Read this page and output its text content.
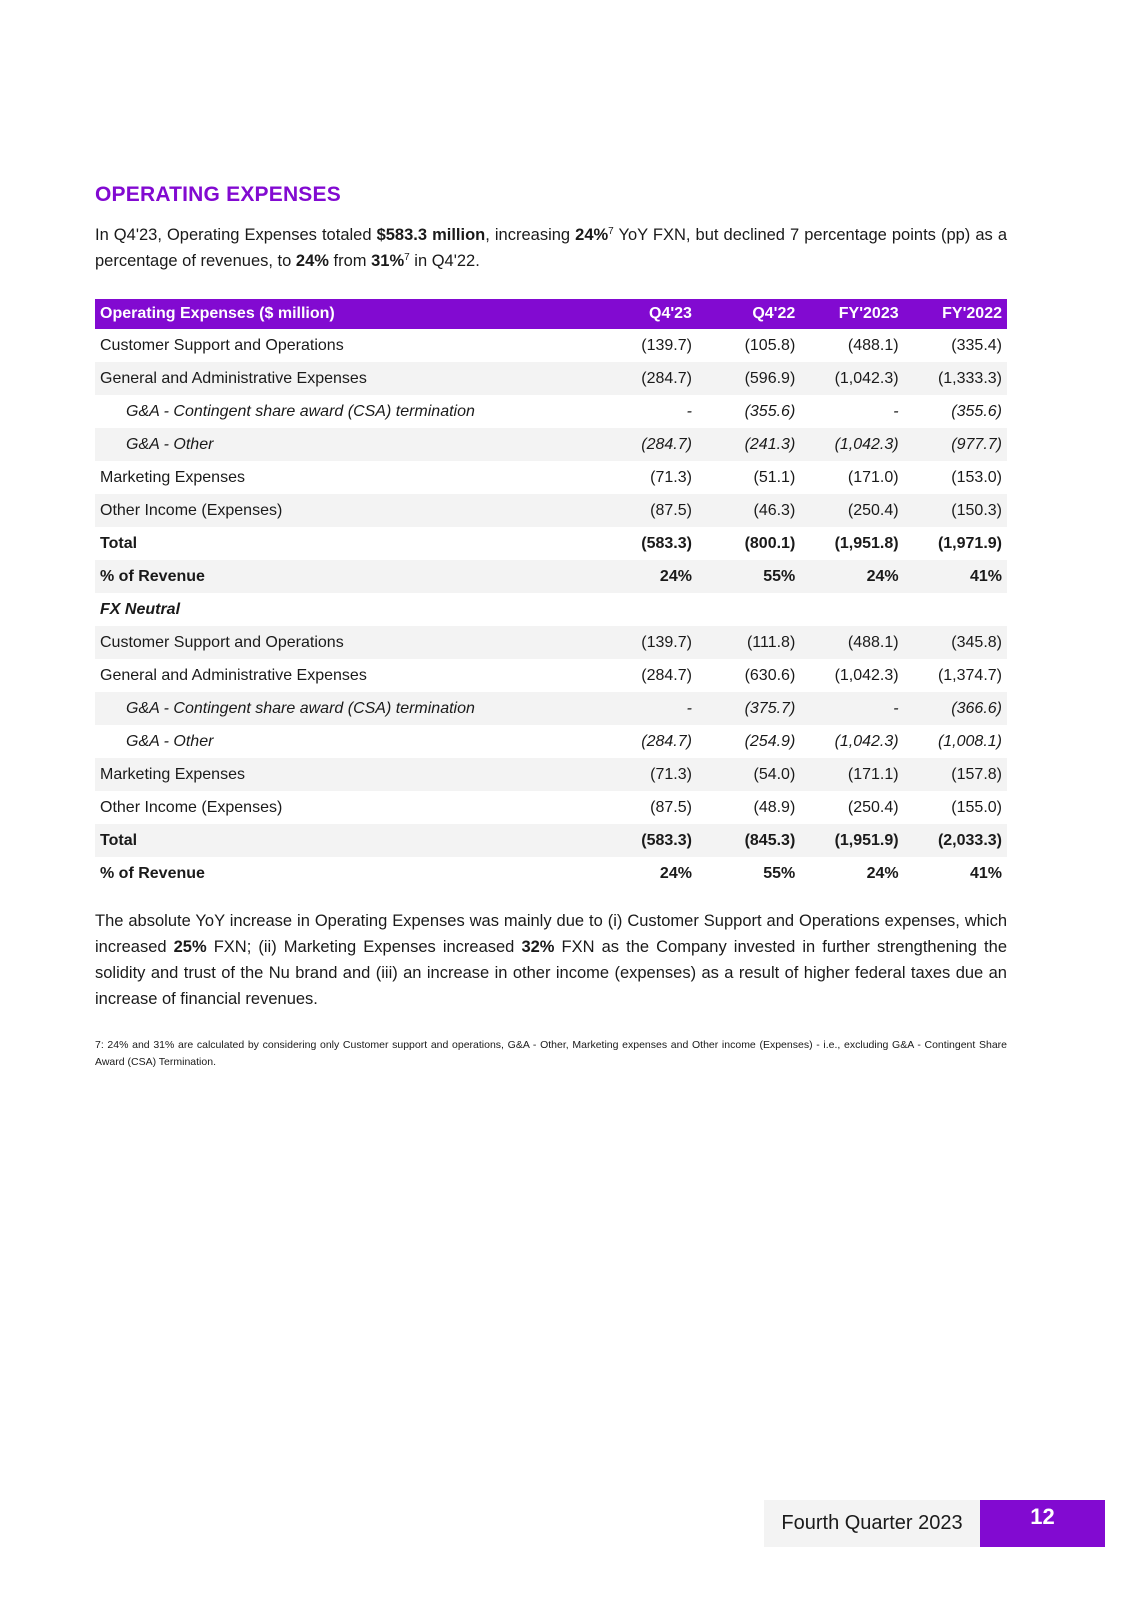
OPERATING EXPENSES

In Q4'23, Operating Expenses totaled $583.3 million, increasing 24%$^7$ YoY FXN, but declined 7 percentage points (pp) as a percentage of revenues, to 24% from 31%$^7$ in Q4'22.

Operating Expenses ($ million)	Q4'23	Q4'22	FY'2023	FY'2022
Customer Support and Operations	(139.7)	(105.8)	(488.1)	(335.4)
General and Administrative Expenses	(284.7)	(596.9)	(1,042.3)	(1,333.3)
G&A - Contingent share award (CSA) termination	-	(355.6)	-	(355.6)
G&A - Other	(284.7)	(241.3)	(1,042.3)	(977.7)
Marketing Expenses	(71.3)	(51.1)	(171.0)	(153.0)
Other Income (Expenses)	(87.5)	(46.3)	(250.4)	(150.3)
Total	(583.3)	(800.1)	(1,951.8)	(1,971.9)
% of Revenue	24%	55%	24%	41%
FX Neutral				
Customer Support and Operations	(139.7)	(111.8)	(488.1)	(345.8)
General and Administrative Expenses	(284.7)	(630.6)	(1,042.3)	(1,374.7)
G&A - Contingent share award (CSA) termination	-	(375.7)	-	(366.6)
G&A - Other	(284.7)	(254.9)	(1,042.3)	(1,008.1)
Marketing Expenses	(71.3)	(54.0)	(171.1)	(157.8)
Other Income (Expenses)	(87.5)	(48.9)	(250.4)	(155.0)
Total	(583.3)	(845.3)	(1,951.9)	(2,033.3)
% of Revenue	24%	55%	24%	41%

The absolute YoY increase in Operating Expenses was mainly due to (i) Customer Support and Operations expenses, which increased 25% FXN; (ii) Marketing Expenses increased 32% FXN as the Company invested in further strengthening the solidity and trust of the Nu brand and (iii) an increase in other income (expenses) as a result of higher federal taxes due an increase of financial revenues.

7: 24% and 31% are calculated by considering only Customer support and operations, G&A - Other, Marketing expenses and Other income (Expenses) - i.e., excluding G&A - Contingent Share Award (CSA) Termination.

Fourth Quarter 2023	12
